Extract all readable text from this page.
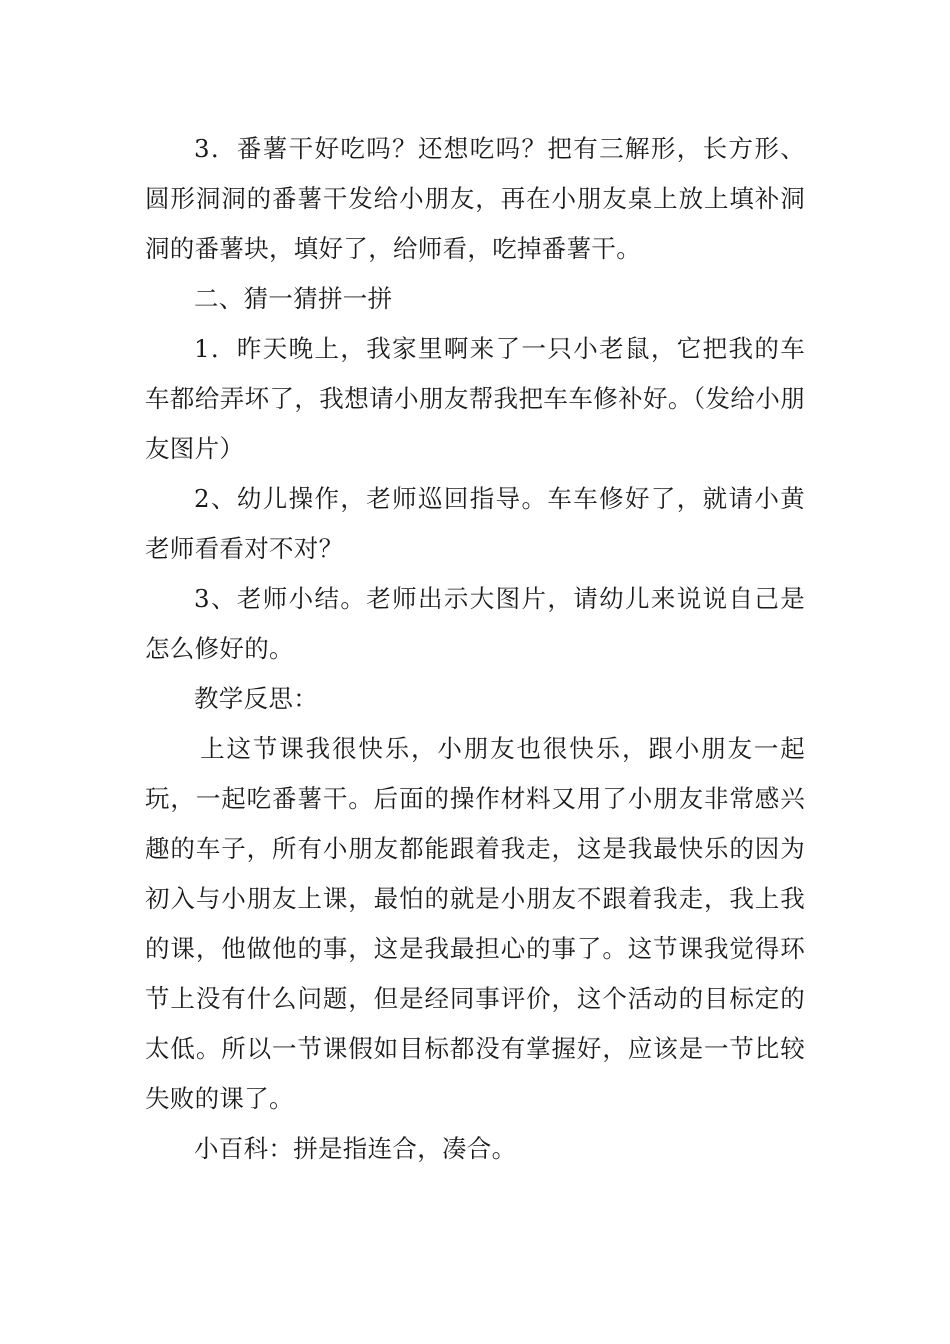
3．番薯干好吃吗？还想吃吗？把有三解形，长方形、圆形洞洞的番薯干发给小朋友，再在小朋友桌上放上填补洞洞的番薯块，填好了，给师看，吃掉番薯干。

二、猜一猜拼一拼

1．昨天晚上，我家里啊来了一只小老鼠，它把我的车车都给弄坏了，我想请小朋友帮我把车车修补好。（发给小朋友图片）

2、幼儿操作，老师巡回指导。车车修好了，就请小黄老师看看对不对？

3、老师小结。老师出示大图片，请幼儿来说说自己是怎么修好的。

教学反思：

上这节课我很快乐，小朋友也很快乐，跟小朋友一起玩，一起吃番薯干。后面的操作材料又用了小朋友非常感兴趣的车子，所有小朋友都能跟着我走，这是我最快乐的因为初入与小朋友上课，最怕的就是小朋友不跟着我走，我上我的课，他做他的事，这是我最担心的事了。这节课我觉得环节上没有什么问题，但是经同事评价，这个活动的目标定的太低。所以一节课假如目标都没有掌握好，应该是一节比较失败的课了。

小百科：拼是指连合，凑合。
